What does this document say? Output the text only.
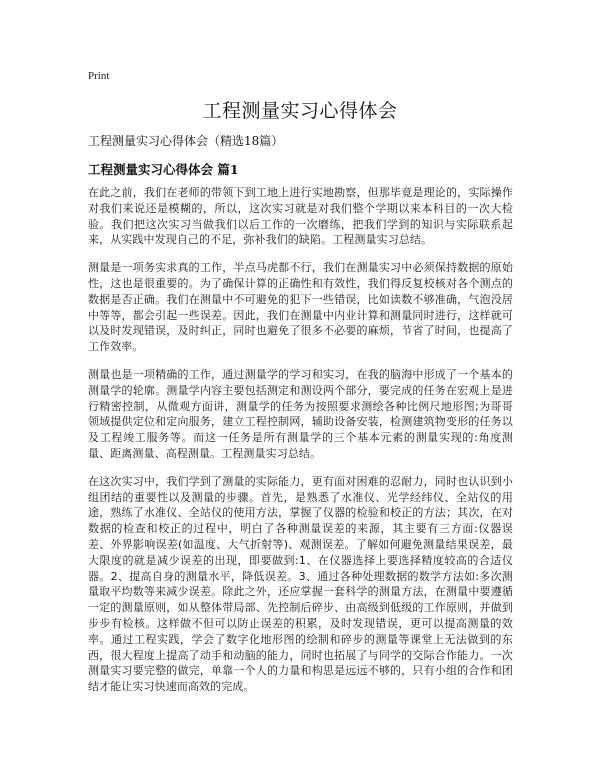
Print
工程测量实习心得体会

工程测量实习心得体会（精选18篇）

工程测量实习心得体会 篇1

在此之前，我们在老师的带领下到工地上进行实地勘察，但那毕竟是理论的，实际操作对我们来说还是模糊的，所以，这次实习就是对我们整个学期以来本科目的一次大检验。我们把这次实习当做我们以后工作的一次磨练，把我们学到的知识与实际联系起来，从实践中发现自己的不足，弥补我们的缺陷。工程测量实习总结。

测量是一项务实求真的工作，半点马虎都不行，我们在测量实习中必须保持数据的原始性，这也是很重要的。为了确保计算的正确性和有效性，我们得反复校核对各个测点的数据是否正确。我们在测量中不可避免的犯下一些错误，比如读数不够准确，气泡没居中等等，都会引起一些误差。因此，我们在测量中内业计算和测量同时进行，这样就可以及时发现错误，及时纠正，同时也避免了很多不必要的麻烦，节省了时间，也提高了工作效率。

测量也是一项精确的工作，通过测量学的学习和实习，在我的脑海中形成了一个基本的测量学的轮廓。测量学内容主要包括测定和测设两个部分，要完成的任务在宏观上是进行精密控制，从微观方面讲，测量学的任务为按照要求测绘各种比例尺地形图;为哥哥领域提供定位和定向服务，建立工程控制网，辅助设备安装，检测建筑物变形的任务以及工程竣工服务等。而这一任务是所有测量学的三个基本元素的测量实现的:角度测量、距离测量、高程测量。工程测量实习总结。

在这次实习中，我们学到了测量的实际能力，更有面对困难的忍耐力，同时也认识到小组团结的重要性以及测量的步骤。首先，是熟悉了水准仪、光学经纬仪、全站仪的用途，熟练了水准仪、全站仪的使用方法，掌握了仪器的检验和校正的方法；其次，在对数据的检查和校正的过程中，明白了各种测量误差的来源，其主要有三方面:仪器误差、外界影响误差(如温度、大气折射等)、观测误差。了解如何避免测量结果误差，最大限度的就是减少误差的出现，即要做到:1、在仪器选择上要选择精度较高的合适仪器。2、提高自身的测量水平，降低误差。3、通过各种处理数据的数学方法如:多次测量取平均数等来减少误差。除此之外，还应掌握一套科学的测量方法，在测量中要遵循一定的测量原则，如从整体带局部、先控制后碎步、由高级到低级的工作原则，并做到步步有检核。这样做不但可以防止误差的积累，及时发现错误，更可以提高测量的效率。通过工程实践，学会了数字化地形图的绘制和碎步的测量等课堂上无法做到的东西，很大程度上提高了动手和动脑的能力，同时也拓展了与同学的交际合作能力。一次测量实习要完整的做完，单靠一个人的力量和构思是远远不够的，只有小组的合作和团结才能让实习快速而高效的完成。
